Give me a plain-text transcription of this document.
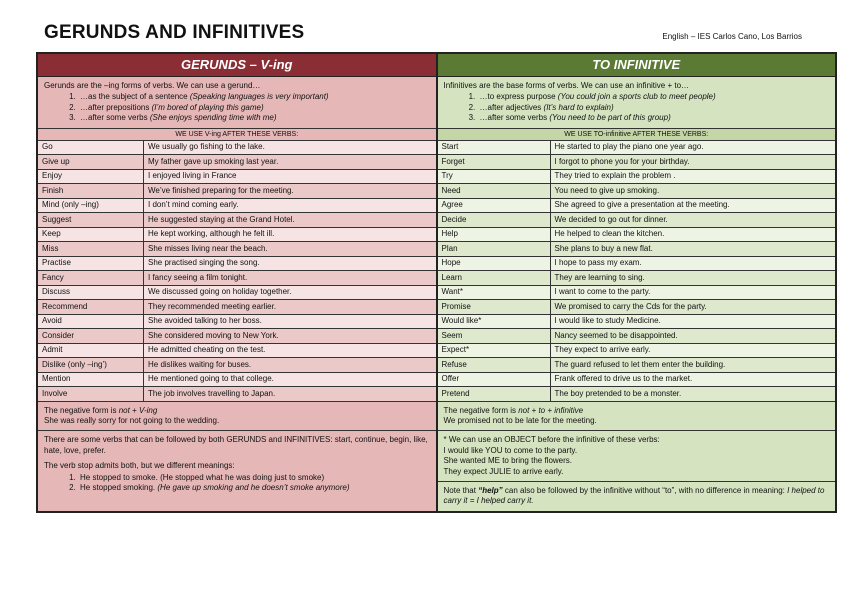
GERUNDS AND INFINITIVES	English – IES Carlos Cano, Los Barrios
GERUNDS – V-ing

Gerunds are the –ing forms of verbs. We can use a gerund…

1. …as the subject of a sentence (Speaking languages is very important)
2. …after prepositions (I’m bored of playing this game)
3. …after some verbs (She enjoys spending time with me)
WE USE V-ing AFTER THESE VERBS:
Go	We usually go fishing to the lake.
Give up	My father gave up smoking last year.
Enjoy	I enjoyed living in France
Finish	We’ve finished preparing for the meeting.
Mind (only –ing)	I don’t mind coming early.
Suggest	He suggested staying at the Grand Hotel.
Keep	He kept working, although he felt ill.
Miss	She misses living near the beach.
Practise	She practised singing the song.
Fancy	I fancy seeing a film tonight.
Discuss	We discussed going on holiday together.
Recommend	They recommended meeting earlier.
Avoid	She avoided talking to her boss.
Consider	She considered moving to New York.
Admit	He admitted cheating on the test.
Dislike (only –ing’)	He dislikes waiting for buses.
Mention	He mentioned going to that college.
Involve	The job involves travelling to Japan.

The negative form is not + V-ing

She was really sorry for not going to the wedding.

There are some verbs that can be followed by both GERUNDS and INFINITIVES: start, continue, begin, like, hate, love, prefer.

The verb stop admits both, but we different meanings:

1. He stopped to smoke. (He stopped what he was doing just to smoke)
2. He stopped smoking. (He gave up smoking and he doesn’t smoke anymore)
TO INFINITIVE

Infinitives are the base forms of verbs. We can use an infinitive + to…

1. …to express purpose (You could join a sports club to meet people)
2. …after adjectives (It’s hard to explain)
3. …after some verbs (You need to be part of this group)
WE USE TO-infinitive AFTER THESE VERBS:
Start	He started to play the piano one year ago.
Forget	I forgot to phone you for your birthday.
Try	They tried to explain the problem .
Need	You need to give up smoking.
Agree	She agreed to give a presentation at the meeting.
Decide	We decided to go out for dinner.
Help	He helped to clean the kitchen.
Plan	She plans to buy a new flat.
Hope	I hope to pass my exam.
Learn	They are learning to sing.
Want*	I want to come to the party.
Promise	We promised to carry the Cds for the party.
Would like*	I would like to study Medicine.
Seem	Nancy seemed to be disappointed.
Expect*	They expect to arrive early.
Refuse	The guard refused to let them enter the building.
Offer	Frank offered to drive us to the market.
Pretend	The boy pretended to be a monster.

The negative form is not + to + infinitive

We promised not to be late for the meeting.

* We can use an OBJECT before the infinitive of these verbs:

I would like YOU to come to the party.

She wanted ME to bring the flowers.

They expect JULIE to arrive early.

Note that “help” can also be followed by the infinitive without “to”, with no difference in meaning: I helped to carry it = I helped carry it.
